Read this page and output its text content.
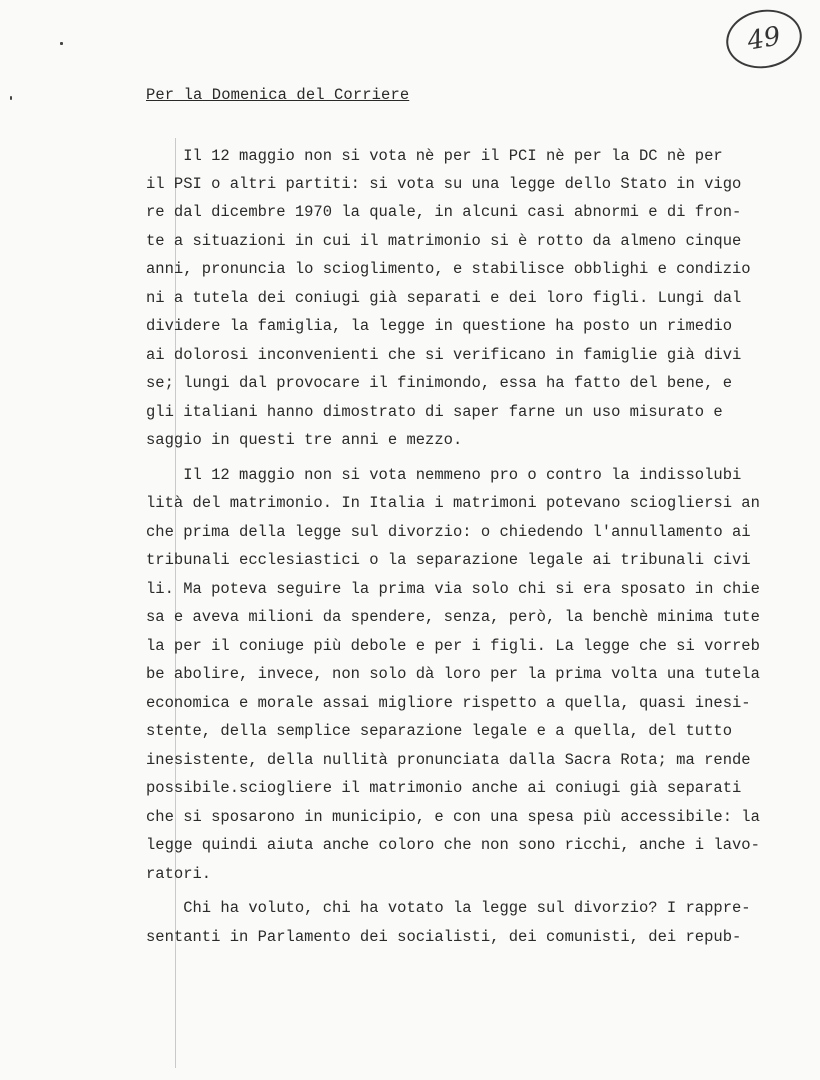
49
Per la Domenica del Corriere
Il 12 maggio non si vota nè per il PCI nè per la DC nè per
il PSI o altri partiti: si vota su una legge dello Stato in vigo
re dal dicembre 1970 la quale, in alcuni casi abnormi e di fron-
te a situazioni in cui il matrimonio si è rotto da almeno cinque
anni, pronuncia lo scioglimento, e stabilisce obblighi e condizio
ni a tutela dei coniugi già separati e dei loro figli. Lungi dal
dividere la famiglia, la legge in questione ha posto un rimedio
ai dolorosi inconvenienti che si verificano in famiglie già divi
se; lungi dal provocare il finimondo, essa ha fatto del bene, e
gli italiani hanno dimostrato di saper farne un uso misurato e
saggio in questi tre anni e mezzo.
Il 12 maggio non si vota nemmeno pro o contro la indissolubi
lità del matrimonio. In Italia i matrimoni potevano sciogliersi an
che prima della legge sul divorzio: o chiedendo l'annullamento ai
tribunali ecclesiastici o la separazione legale ai tribunali civi
li. Ma poteva seguire la prima via solo chi si era sposato in chie
sa e aveva milioni da spendere, senza, però, la benchè minima tute
la per il coniuge più debole e per i figli. La legge che si vorreb
be abolire, invece, non solo dà loro per la prima volta una tutela
economica e morale assai migliore rispetto a quella, quasi inesi-
stente, della semplice separazione legale e a quella, del tutto
inesistente, della nullità pronunciata dalla Sacra Rota; ma rende
possibile.sciogliere il matrimonio anche ai coniugi già separati
che si sposarono in municipio, e con una spesa più accessibile: la
legge quindi aiuta anche coloro che non sono ricchi, anche i lavo-
ratori.
Chi ha voluto, chi ha votato la legge sul divorzio? I rappre-
sentanti in Parlamento dei socialisti, dei comunisti, dei repub-
